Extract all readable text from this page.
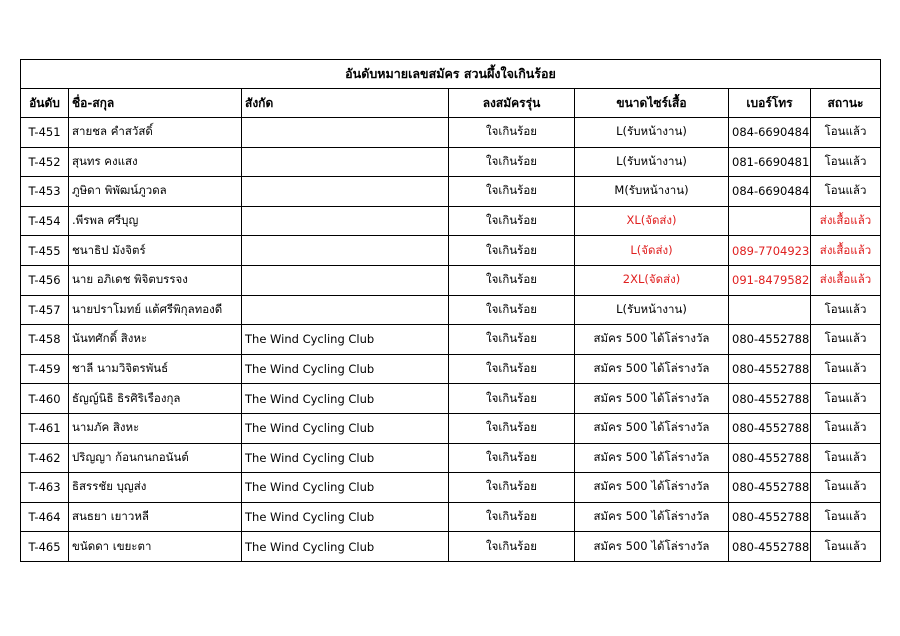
อันดับหมายเลขสมัคร สวนผึ้งใจเกินร้อย						
อันดับ	ชื่อ-สกุล	สังกัด	ลงสมัครรุ่น	ขนาดไซร์เสื้อ	เบอร์โทร	สถานะ
T-451	สายชล คำสวัสดิ์		ใจเกินร้อย	L(รับหน้างาน)	084-6690484	โอนแล้ว
T-452	สุนทร คงแสง		ใจเกินร้อย	L(รับหน้างาน)	081-6690481	โอนแล้ว
T-453	ภูษิดา พิพัฒน์ภูวดล		ใจเกินร้อย	M(รับหน้างาน)	084-6690484	โอนแล้ว
T-454	.พีรพล ศรีบุญ		ใจเกินร้อย	XL(จัดส่ง)		ส่งเสื้อแล้ว
T-455	ชนาธิป มังจิตร์		ใจเกินร้อย	L(จัดส่ง)	089-7704923	ส่งเสื้อแล้ว
T-456	นาย อภิเดช พิจิตบรรจง		ใจเกินร้อย	2XL(จัดส่ง)	091-8479582	ส่งเสื้อแล้ว
T-457	นายปราโมทย์ แต้ศรีพิกุลทองดี		ใจเกินร้อย	L(รับหน้างาน)		โอนแล้ว
T-458	นันทศักดิ์ สิงหะ	The Wind Cycling Club	ใจเกินร้อย	สมัคร 500 ได้โล่รางวัล	080-4552788	โอนแล้ว
T-459	ชาลี นามวิจิตรพันธ์	The Wind Cycling Club	ใจเกินร้อย	สมัคร 500 ได้โล่รางวัล	080-4552788	โอนแล้ว
T-460	ธัญญ์นิธิ ธิรศิริเรืองกุล	The Wind Cycling Club	ใจเกินร้อย	สมัคร 500 ได้โล่รางวัล	080-4552788	โอนแล้ว
T-461	นามภัค สิงหะ	The Wind Cycling Club	ใจเกินร้อย	สมัคร 500 ได้โล่รางวัล	080-4552788	โอนแล้ว
T-462	ปริญญา ก้อนกนกอนันต์	The Wind Cycling Club	ใจเกินร้อย	สมัคร 500 ได้โล่รางวัล	080-4552788	โอนแล้ว
T-463	ธิสรรชัย บุญส่ง	The Wind Cycling Club	ใจเกินร้อย	สมัคร 500 ได้โล่รางวัล	080-4552788	โอนแล้ว
T-464	สนธยา เยาวหลี	The Wind Cycling Club	ใจเกินร้อย	สมัคร 500 ได้โล่รางวัล	080-4552788	โอนแล้ว
T-465	ขนัดดา เขยะตา	The Wind Cycling Club	ใจเกินร้อย	สมัคร 500 ได้โล่รางวัล	080-4552788	โอนแล้ว
